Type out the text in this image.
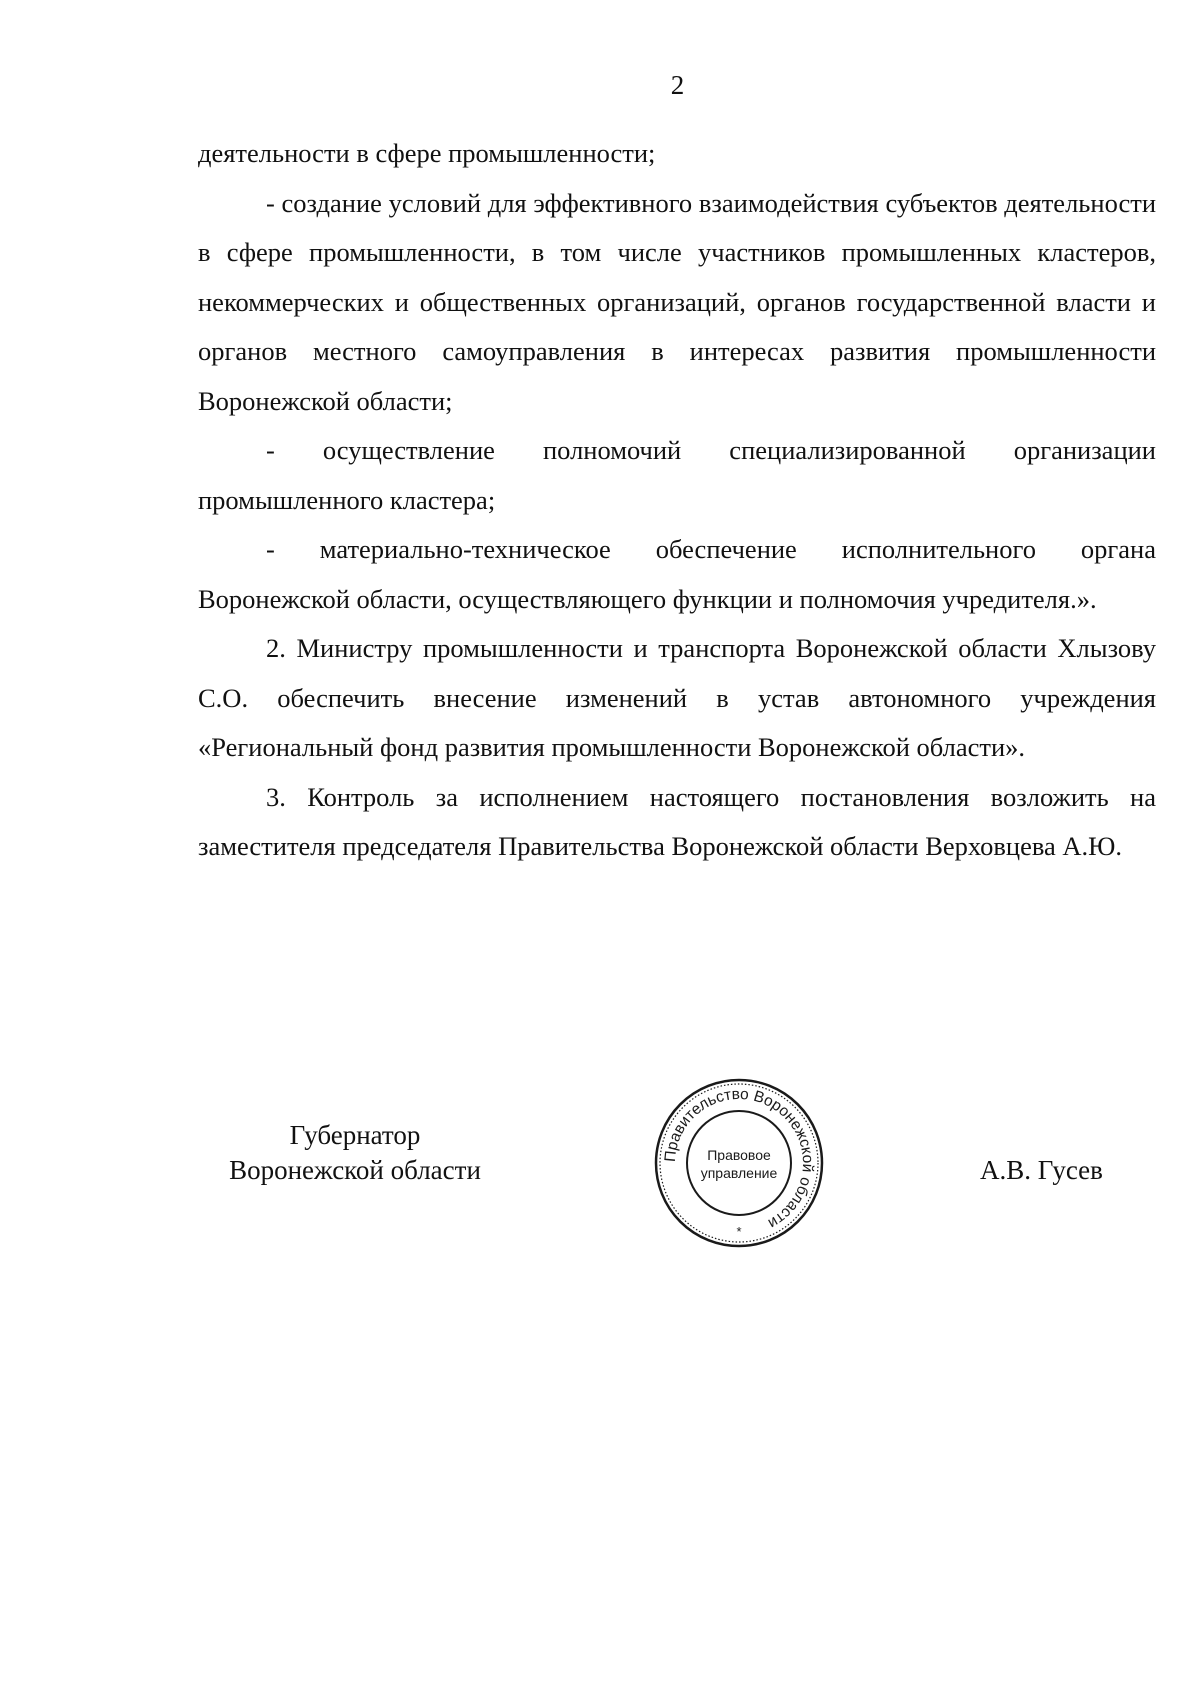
2

деятельности в сфере промышленности;

- создание условий для эффективного взаимодействия субъектов деятельности в сфере промышленности, в том числе участников промышленных кластеров, некоммерческих и общественных организаций, органов государственной власти и органов местного самоуправления в интересах развития промышленности Воронежской области;

- осуществление полномочий специализированной организации промышленного кластера;

- материально-техническое обеспечение исполнительного органа Воронежской области, осуществляющего функции и полномочия учредителя.».

2. Министру промышленности и транспорта Воронежской области Хлызову С.О. обеспечить внесение изменений в устав автономного учреждения «Региональный фонд развития промышленности Воронежской области».

3. Контроль за исполнением настоящего постановления возложить на заместителя председателя Правительства Воронежской области Верховцева А.Ю.

Губернатор
Воронежской области	Правительство Воронежской области
Правовое
управление
*
А.В. Гусев
